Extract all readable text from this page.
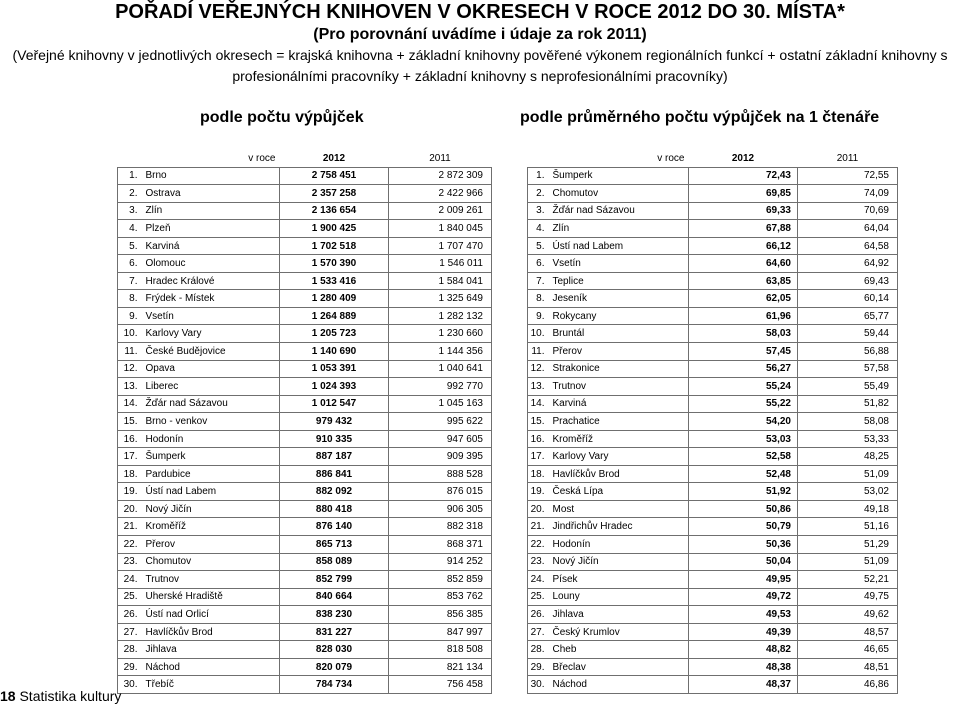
POŘADÍ VEŘEJNÝCH KNIHOVEN V OKRESECH V ROCE 2012 DO 30. MÍSTA*
(Pro porovnání uvádíme i údaje za rok 2011)

(Veřejné knihovny v jednotlivých okresech = krajská knihovna + základní knihovny pověřené výkonem regionálních funkcí + ostatní základní knihovny s profesionálními pracovníky + základní knihovny s neprofesionálními pracovníky)

podle počtu výpůjček	podle průměrného počtu výpůjček na 1 čtenáře
	v roce	2012	2011
1.	Brno	2 758 451	2 872 309
2.	Ostrava	2 357 258	2 422 966
3.	Zlín	2 136 654	2 009 261
4.	Plzeň	1 900 425	1 840 045
5.	Karviná	1 702 518	1 707 470
6.	Olomouc	1 570 390	1 546 011
7.	Hradec Králové	1 533 416	1 584 041
8.	Frýdek - Místek	1 280 409	1 325 649
9.	Vsetín	1 264 889	1 282 132
10.	Karlovy Vary	1 205 723	1 230 660
11.	České Budějovice	1 140 690	1 144 356
12.	Opava	1 053 391	1 040 641
13.	Liberec	1 024 393	992 770
14.	Žďár nad Sázavou	1 012 547	1 045 163
15.	Brno - venkov	979 432	995 622
16.	Hodonín	910 335	947 605
17.	Šumperk	887 187	909 395
18.	Pardubice	886 841	888 528
19.	Ústí nad Labem	882 092	876 015
20.	Nový Jičín	880 418	906 305
21.	Kroměříž	876 140	882 318
22.	Přerov	865 713	868 371
23.	Chomutov	858 089	914 252
24.	Trutnov	852 799	852 859
25.	Uherské Hradiště	840 664	853 762
26.	Ústí nad Orlicí	838 230	856 385
27.	Havlíčkův Brod	831 227	847 997
28.	Jihlava	828 030	818 508
29.	Náchod	820 079	821 134
30.	Třebíč	784 734	756 458
	v roce	2012	2011
1.	Šumperk	72,43	72,55
2.	Chomutov	69,85	74,09
3.	Žďár nad Sázavou	69,33	70,69
4.	Zlín	67,88	64,04
5.	Ústí nad Labem	66,12	64,58
6.	Vsetín	64,60	64,92
7.	Teplice	63,85	69,43
8.	Jeseník	62,05	60,14
9.	Rokycany	61,96	65,77
10.	Bruntál	58,03	59,44
11.	Přerov	57,45	56,88
12.	Strakonice	56,27	57,58
13.	Trutnov	55,24	55,49
14.	Karviná	55,22	51,82
15.	Prachatice	54,20	58,08
16.	Kroměříž	53,03	53,33
17.	Karlovy Vary	52,58	48,25
18.	Havlíčkův Brod	52,48	51,09
19.	Česká Lípa	51,92	53,02
20.	Most	50,86	49,18
21.	Jindřichův Hradec	50,79	51,16
22.	Hodonín	50,36	51,29
23.	Nový Jičín	50,04	51,09
24.	Písek	49,95	52,21
25.	Louny	49,72	49,75
26.	Jihlava	49,53	49,62
27.	Český Krumlov	49,39	48,57
28.	Cheb	48,82	46,65
29.	Břeclav	48,38	48,51
30.	Náchod	48,37	46,86

18 Statistika kultury
